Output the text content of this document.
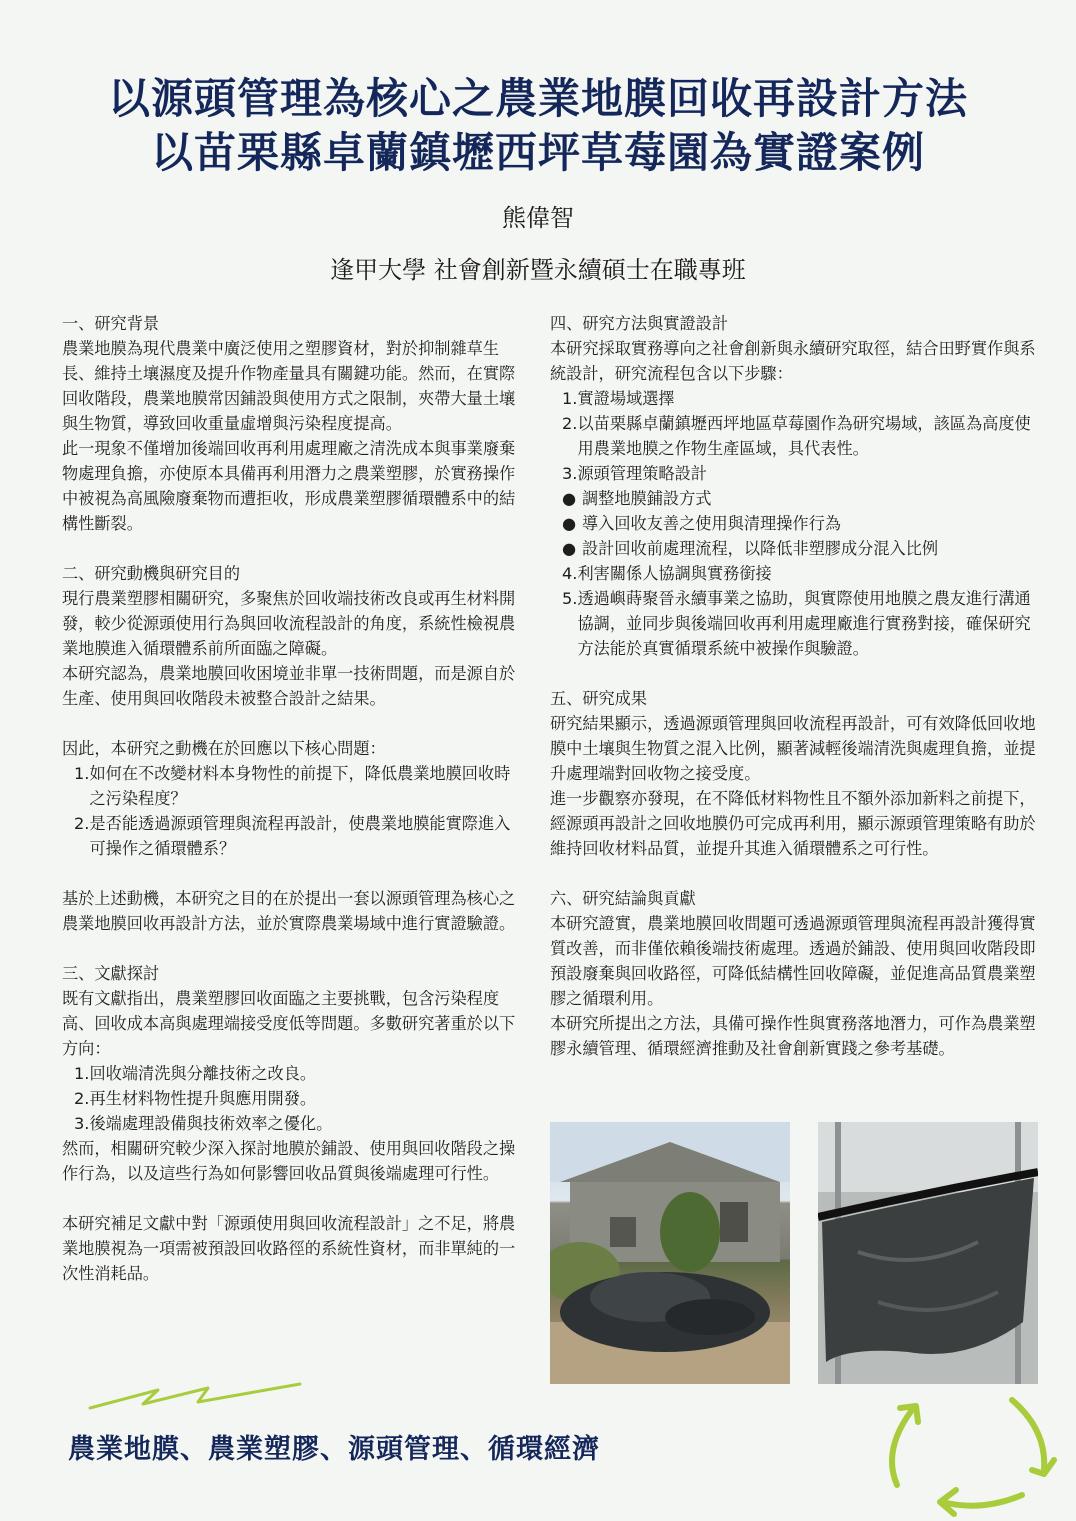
以源頭管理為核心之農業地膜回收再設計方法
以苗栗縣卓蘭鎮壢西坪草莓園為實證案例
熊偉智
逢甲大學 社會創新暨永續碩士在職專班

一、研究背景

農業地膜為現代農業中廣泛使用之塑膠資材，對於抑制雜草生長、維持土壤濕度及提升作物產量具有關鍵功能。然而，在實際回收階段，農業地膜常因鋪設與使用方式之限制，夾帶大量土壤與生物質，導致回收重量虛增與污染程度提高。

此一現象不僅增加後端回收再利用處理廠之清洗成本與事業廢棄物處理負擔，亦使原本具備再利用潛力之農業塑膠，於實務操作中被視為高風險廢棄物而遭拒收，形成農業塑膠循環體系中的結構性斷裂。

二、研究動機與研究目的

現行農業塑膠相關研究，多聚焦於回收端技術改良或再生材料開發，較少從源頭使用行為與回收流程設計的角度，系統性檢視農業地膜進入循環體系前所面臨之障礙。

本研究認為，農業地膜回收困境並非單一技術問題，而是源自於生產、使用與回收階段未被整合設計之結果。

因此，本研究之動機在於回應以下核心問題：

1. 如何在不改變材料本身物性的前提下，降低農業地膜回收時之污染程度？
2. 是否能透過源頭管理與流程再設計，使農業地膜能實際進入可操作之循環體系？

基於上述動機，本研究之目的在於提出一套以源頭管理為核心之農業地膜回收再設計方法，並於實際農業場域中進行實證驗證。

三、文獻探討

既有文獻指出，農業塑膠回收面臨之主要挑戰，包含污染程度高、回收成本高與處理端接受度低等問題。多數研究著重於以下方向：

1.回收端清洗與分離技術之改良。

2.再生材料物性提升與應用開發。

3.後端處理設備與技術效率之優化。

然而，相關研究較少深入探討地膜於鋪設、使用與回收階段之操作行為，以及這些行為如何影響回收品質與後端處理可行性。

本研究補足文獻中對「源頭使用與回收流程設計」之不足，將農業地膜視為一項需被預設回收路徑的系統性資材，而非單純的一次性消耗品。

四、研究方法與實證設計

本研究採取實務導向之社會創新與永續研究取徑，結合田野實作與系統設計，研究流程包含以下步驟：

1.實證場域選擇

2. 以苗栗縣卓蘭鎮壢西坪地區草莓園作為研究場域，該區為高度使用農業地膜之作物生產區域，具代表性。

3.源頭管理策略設計

● 調整地膜鋪設方式
● 導入回收友善之使用與清理操作行為
● 設計回收前處理流程，以降低非塑膠成分混入比例

4.利害關係人協調與實務銜接

5. 透過嶼蒔聚晉永續事業之協助，與實際使用地膜之農友進行溝通協調，並同步與後端回收再利用處理廠進行實務對接，確保研究方法能於真實循環系統中被操作與驗證。

五、研究成果

研究結果顯示，透過源頭管理與回收流程再設計，可有效降低回收地膜中土壤與生物質之混入比例，顯著減輕後端清洗與處理負擔，並提升處理端對回收物之接受度。

進一步觀察亦發現，在不降低材料物性且不額外添加新料之前提下，經源頭再設計之回收地膜仍可完成再利用，顯示源頭管理策略有助於維持回收材料品質，並提升其進入循環體系之可行性。

六、研究結論與貢獻

本研究證實，農業地膜回收問題可透過源頭管理與流程再設計獲得實質改善，而非僅依賴後端技術處理。透過於鋪設、使用與回收階段即預設廢棄與回收路徑，可降低結構性回收障礙，並促進高品質農業塑膠之循環利用。

本研究所提出之方法，具備可操作性與實務落地潛力，可作為農業塑膠永續管理、循環經濟推動及社會創新實踐之參考基礎。

農業地膜、農業塑膠、源頭管理、循環經濟
